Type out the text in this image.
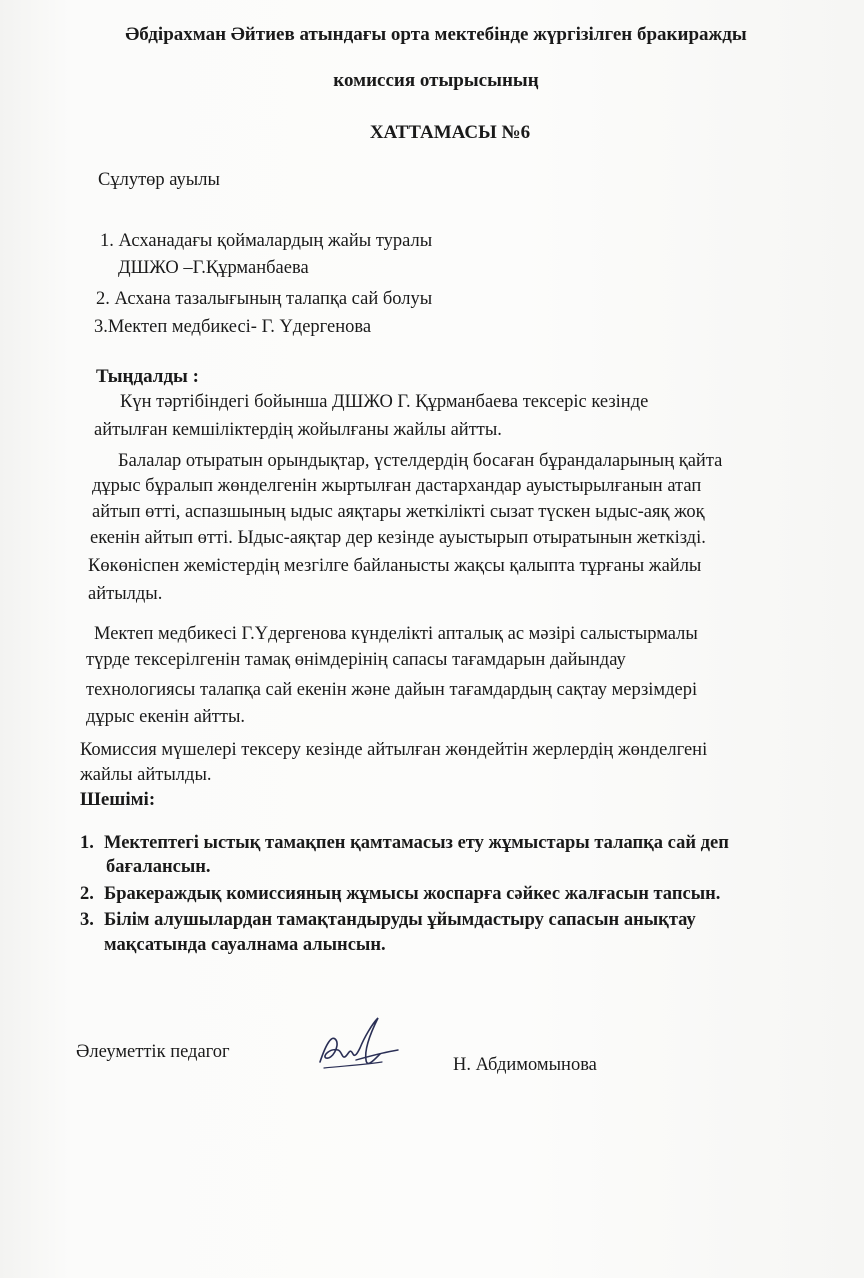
Әбдірахман Әйтиев атындағы орта мектебінде жүргізілген бракиражды
комиссия отырысының
ХАТТАМАСЫ №6
Сұлутөр ауылы
1. Асханадағы қоймалардың жайы туралы
ДШЖО –Г.Құрманбаева
2. Асхана тазалығының талапқа сай болуы
3.Мектеп медбикесі- Г. Үдергенова
Тыңдалды :
Күн тәртібіндегі бойынша ДШЖО Г. Құрманбаева тексеріс кезінде
айтылған кемшіліктердің жойылғаны жайлы айтты.
Балалар отыратын орындықтар, үстелдердің босаған бұрандаларының қайта
дұрыс бұралып жөнделгенін жыртылған дастархандар ауыстырылғанын атап
айтып өтті, аспазшының ыдыс аяқтары жеткілікті сызат түскен ыдыс-аяқ жоқ
екенін айтып өтті. Ыдыс-аяқтар дер кезінде ауыстырып отыратынын жеткізді.
Көкөніспен жемістердің мезгілге байланысты жақсы қалыпта тұрғаны жайлы
айтылды.
Мектеп медбикесі Г.Үдергенова күнделікті апталық ас мәзірі салыстырмалы
түрде тексерілгенін тамақ өнімдерінің сапасы тағамдарын дайындау
технологиясы талапқа сай екенін және дайын тағамдардың сақтау мерзімдері
дұрыс екенін айтты.
Комиссия мүшелері тексеру кезінде айтылған жөндейтін жерлердің жөнделгені
жайлы айтылды.
Шешімі:
1. Мектептегі ыстық тамақпен қамтамасыз ету жұмыстары талапқа сай деп
бағалансын.
2. Бракераждық комиссияның жұмысы жоспарға сәйкес жалғасын тапсын.
3. Білім алушылардан тамақтандыруды ұйымдастыру сапасын анықтау
мақсатында сауалнама алынсын.
Әлеуметтік педагог
Н. Абдимомынова
